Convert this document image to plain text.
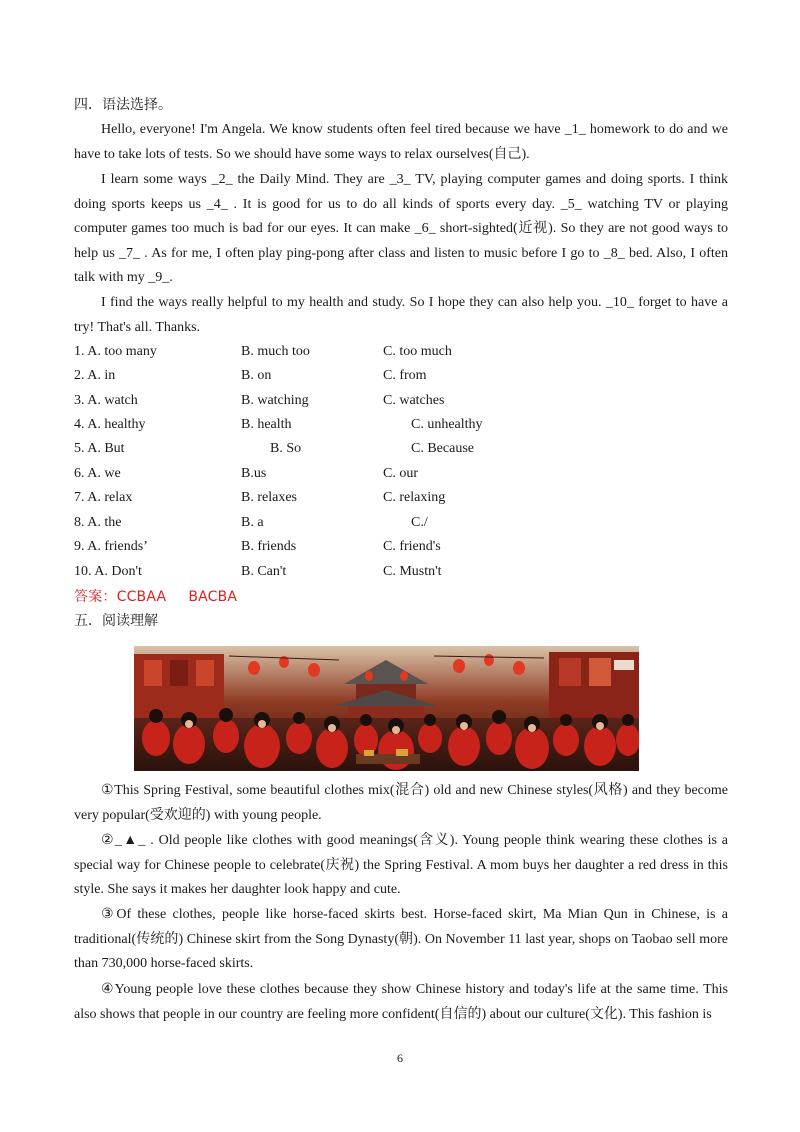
四．语法选择。

Hello, everyone! I'm Angela. We know students often feel tired because we have _1_ homework to do and we have to take lots of tests. So we should have some ways to relax ourselves(自己).

I learn some ways _2_ the Daily Mind. They are _3_ TV, playing computer games and doing sports. I think doing sports keeps us _4_ . It is good for us to do all kinds of sports every day. _5_ watching TV or playing computer games too much is bad for our eyes. It can make _6_ short-sighted(近视). So they are not good ways to help us _7_ . As for me, I often play ping-pong after class and listen to music before I go to _8_ bed. Also, I often talk with my _9_.

I find the ways really helpful to my health and study. So I hope they can also help you. _10_ forget to have a try! That's all. Thanks.

1. A. too many	B. much too	C. too much
2. A. in	B. on	C. from
3. A. watch	B. watching	C. watches
4. A. healthy	B. health	C. unhealthy
5. A. But	B. So	C. Because
6. A. we	B.us	C. our
7. A. relax	B. relaxes	C. relaxing
8. A. the	B. a	C./
9. A. friends’	B. friends	C. friend's
10. A. Don't	B. Can't	C. Mustn't
答案：CCBAA BACBA

五．阅读理解

①This Spring Festival, some beautiful clothes mix(混合) old and new Chinese styles(风格) and they become very popular(受欢迎的) with young people.

②_▲_ . Old people like clothes with good meanings(含义). Young people think wearing these clothes is a special way for Chinese people to celebrate(庆祝) the Spring Festival. A mom buys her daughter a red dress in this style. She says it makes her daughter look happy and cute.

③Of these clothes, people like horse-faced skirts best. Horse-faced skirt, Ma Mian Qun in Chinese, is a traditional(传统的) Chinese skirt from the Song Dynasty(朝). On November 11 last year, shops on Taobao sell more than 730,000 horse-faced skirts.

④Young people love these clothes because they show Chinese history and today's life at the same time. This also shows that people in our country are feeling more confident(自信的) about our culture(文化). This fashion is

6
